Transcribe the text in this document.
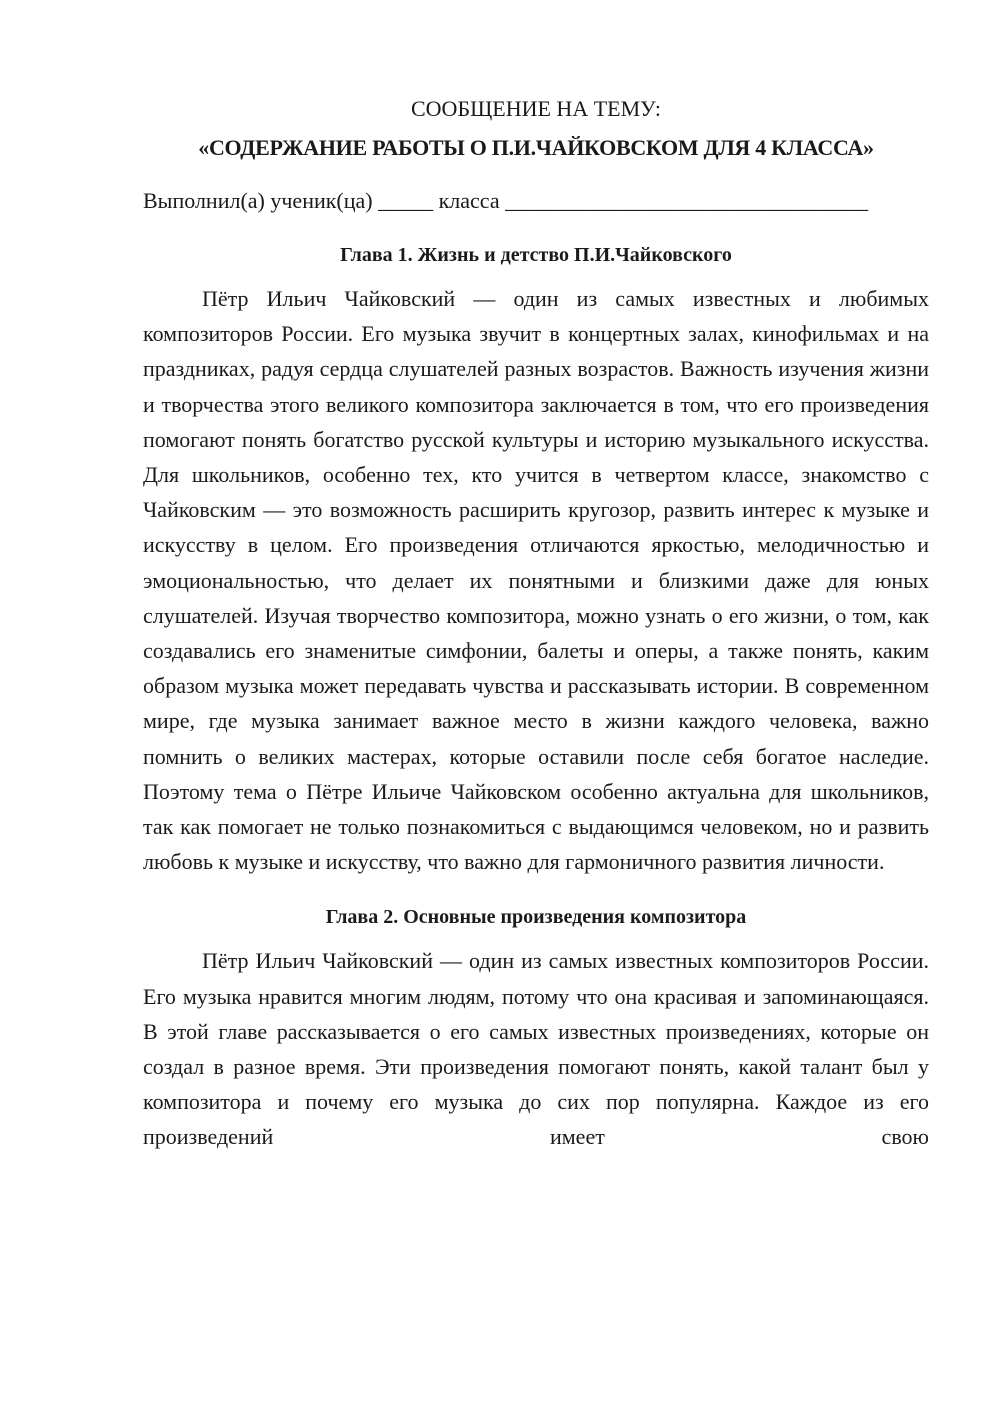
СООБЩЕНИЕ НА ТЕМУ:

«СОДЕРЖАНИЕ РАБОТЫ О П.И.ЧАЙКОВСКОМ ДЛЯ 4 КЛАССА»

Выполнил(а) ученик(ца) _____ класса _________________________________

Глава 1. Жизнь и детство П.И.Чайковского

Пётр Ильич Чайковский — один из самых известных и любимых композиторов России. Его музыка звучит в концертных залах, кинофильмах и на праздниках, радуя сердца слушателей разных возрастов. Важность изучения жизни и творчества этого великого композитора заключается в том, что его произведения помогают понять богатство русской культуры и историю музыкального искусства. Для школьников, особенно тех, кто учится в четвертом классе, знакомство с Чайковским — это возможность расширить кругозор, развить интерес к музыке и искусству в целом. Его произведения отличаются яркостью, мелодичностью и эмоциональностью, что делает их понятными и близкими даже для юных слушателей. Изучая творчество композитора, можно узнать о его жизни, о том, как создавались его знаменитые симфонии, балеты и оперы, а также понять, каким образом музыка может передавать чувства и рассказывать истории. В современном мире, где музыка занимает важное место в жизни каждого человека, важно помнить о великих мастерах, которые оставили после себя богатое наследие. Поэтому тема о Пётре Ильиче Чайковском особенно актуальна для школьников, так как помогает не только познакомиться с выдающимся человеком, но и развить любовь к музыке и искусству, что важно для гармоничного развития личности.

Глава 2. Основные произведения композитора

Пётр Ильич Чайковский — один из самых известных композиторов России. Его музыка нравится многим людям, потому что она красивая и запоминающаяся. В этой главе рассказывается о его самых известных произведениях, которые он создал в разное время. Эти произведения помогают понять, какой талант был у композитора и почему его музыка до сих пор популярна. Каждое из его произведений имеет свою
